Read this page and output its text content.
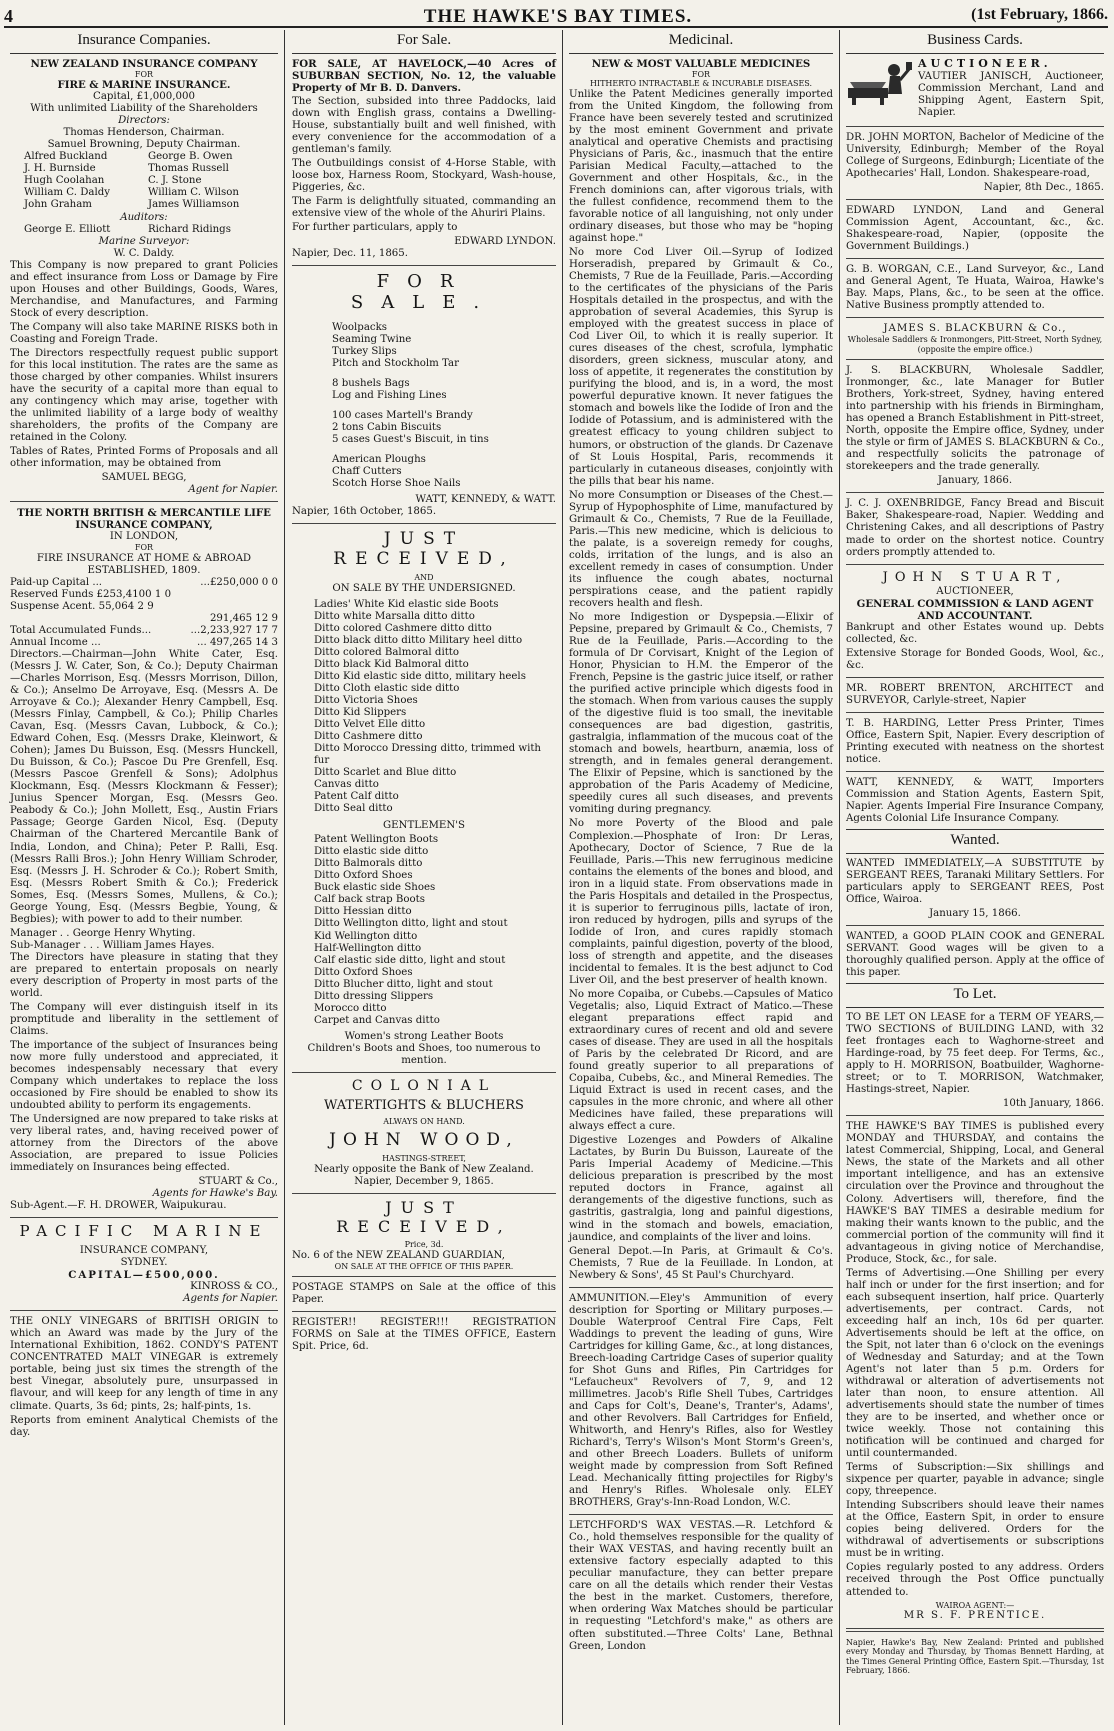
4	THE HAWKE'S BAY TIMES.	(1st February, 1866.
Insurance Companies.
NEW ZEALAND INSURANCE COMPANY
FOR
FIRE & MARINE INSURANCE.
Capital, £1,000,000
With unlimited Liability of the Shareholders
Directors:
Thomas Henderson, Chairman.
Samuel Browning, Deputy Chairman.
Alfred Buckland	George B. Owen
J. H. Burnside	Thomas Russell
Hugh Coolahan	C. J. Stone
William C. Daldy	William C. Wilson
John Graham	James Williamson
Auditors:
George E. Elliott	Richard Ridings
Marine Surveyor:
W. C. Daldy.

This Company is now prepared to grant Policies and effect insurance from Loss or Damage by Fire upon Houses and other Buildings, Goods, Wares, Merchandise, and Manufactures, and Farming Stock of every description.

The Company will also take MARINE RISKS both in Coasting and Foreign Trade.

The Directors respectfully request public support for this local institution. The rates are the same as those charged by other companies. Whilst insurers have the security of a capital more than equal to any contingency which may arise, together with the unlimited liability of a large body of wealthy shareholders, the profits of the Company are retained in the Colony.

Tables of Rates, Printed Forms of Proposals and all other information, may be obtained from

SAMUEL BEGG,
Agent for Napier.
THE NORTH BRITISH & MERCANTILE LIFE INSURANCE COMPANY,
IN LONDON,
FOR
FIRE INSURANCE AT HOME & ABROAD
ESTABLISHED, 1809.
Paid-up Capital ...	...£250,000 0 0
Reserved Funds £253,4100 1 0
Suspense Acent. 55,064 2 9
291,465 12 9
Total Accumulated Funds...	...2,233,927 17 7
Annual Income ...	... 497,265 14 3

Directors.—Chairman—John White Cater, Esq. (Messrs J. W. Cater, Son, & Co.); Deputy Chairman—Charles Morrison, Esq. (Messrs Morrison, Dillon, & Co.); Anselmo De Arroyave, Esq. (Messrs A. De Arroyave & Co.); Alexander Henry Campbell, Esq. (Messrs Finlay, Campbell, & Co.); Philip Charles Cavan, Esq. (Messrs Cavan, Lubbock, & Co.); Edward Cohen, Esq. (Messrs Drake, Kleinwort, & Cohen); James Du Buisson, Esq. (Messrs Hunckell, Du Buisson, & Co.); Pascoe Du Pre Grenfell, Esq. (Messrs Pascoe Grenfell & Sons); Adolphus Klockmann, Esq. (Messrs Klockmann & Fesser); Junius Spencer Morgan, Esq. (Messrs Geo. Peabody & Co.); John Mollett, Esq., Austin Friars Passage; George Garden Nicol, Esq. (Deputy Chairman of the Chartered Mercantile Bank of India, London, and China); Peter P. Ralli, Esq. (Messrs Ralli Bros.); John Henry William Schroder, Esq. (Messrs J. H. Schroder & Co.); Robert Smith, Esq. (Messrs Robert Smith & Co.); Frederick Somes, Esq. (Messrs Somes, Mullens, & Co.); George Young, Esq. (Messrs Begbie, Young, & Begbies); with power to add to their number.

Manager . . George Henry Whyting.
Sub-Manager . . . William James Hayes.

The Directors have pleasure in stating that they are prepared to entertain proposals on nearly every description of Property in most parts of the world.

The Company will ever distinguish itself in its promptitude and liberality in the settlement of Claims.

The importance of the subject of Insurances being now more fully understood and appreciated, it becomes indespensably necessary that every Company which undertakes to replace the loss occasioned by Fire should be enabled to show its undoubted ability to perform its engagements.

The Undersigned are now prepared to take risks at very liberal rates, and, having received power of attorney from the Directors of the above Association, are prepared to issue Policies immediately on Insurances being effected.

STUART & Co.,
Agents for Hawke's Bay.
Sub-Agent.—F. H. DROWER, Waipukurau.
PACIFIC MARINE
INSURANCE COMPANY,
SYDNEY.
CAPITAL—£500,000.
KINROSS & CO.,
Agents for Napier.

THE ONLY VINEGARS of BRITISH ORIGIN to which an Award was made by the Jury of the International Exhibition, 1862. CONDY'S PATENT CONCENTRATED MALT VINEGAR is extremely portable, being just six times the strength of the best Vinegar, absolutely pure, unsurpassed in flavour, and will keep for any length of time in any climate. Quarts, 3s 6d; pints, 2s; half-pints, 1s.

Reports from eminent Analytical Chemists of the day.

For Sale.

FOR SALE, AT HAVELOCK,—40 Acres of SUBURBAN SECTION, No. 12, the valuable Property of Mr B. D. Danvers.

The Section, subsided into three Paddocks, laid down with English grass, contains a Dwelling-House, substantially built and well finished, with every convenience for the accommodation of a gentleman's family.

The Outbuildings consist of 4-Horse Stable, with loose box, Harness Room, Stockyard, Wash-house, Piggeries, &c.

The Farm is delightfully situated, commanding an extensive view of the whole of the Ahuriri Plains.

For further particulars, apply to

EDWARD LYNDON.
Napier, Dec. 11, 1865.
FOR SALE.
Woolpacks
Seaming Twine
Turkey Slips
Pitch and Stockholm Tar
8 bushels Bags
Log and Fishing Lines
100 cases Martell's Brandy
2 tons Cabin Biscuits
5 cases Guest's Biscuit, in tins
American Ploughs
Chaff Cutters
Scotch Horse Shoe Nails
WATT, KENNEDY, & WATT.
Napier, 16th October, 1865.
JUST RECEIVED,
AND
ON SALE BY THE UNDERSIGNED.
Ladies' White Kid elastic side Boots
Ditto white Marsalla ditto ditto
Ditto colored Cashmere ditto ditto
Ditto black ditto ditto Military heel ditto
Ditto colored Balmoral ditto
Ditto black Kid Balmoral ditto
Ditto Kid elastic side ditto, military heels
Ditto Cloth elastic side ditto
Ditto Victoria Shoes
Ditto Kid Slippers
Ditto Velvet Elle ditto
Ditto Cashmere ditto
Ditto Morocco Dressing ditto, trimmed with fur
Ditto Scarlet and Blue ditto
Canvas ditto
Patent Calf ditto
Ditto Seal ditto
GENTLEMEN'S
Patent Wellington Boots
Ditto elastic side ditto
Ditto Balmorals ditto
Ditto Oxford Shoes
Buck elastic side Shoes
Calf back strap Boots
Ditto Hessian ditto
Ditto Wellington ditto, light and stout
Kid Wellington ditto
Half-Wellington ditto
Calf elastic side ditto, light and stout
Ditto Oxford Shoes
Ditto Blucher ditto, light and stout
Ditto dressing Slippers
Morocco ditto
Carpet and Canvas ditto
Women's strong Leather Boots
Children's Boots and Shoes, too numerous to mention.
COLONIAL
WATERTIGHTS & BLUCHERS
ALWAYS ON HAND.
JOHN WOOD,
HASTINGS-STREET,
Nearly opposite the Bank of New Zealand.
Napier, December 9, 1865.
JUST RECEIVED,
Price, 3d.
No. 6 of the NEW ZEALAND GUARDIAN,
ON SALE AT THE OFFICE OF THIS PAPER.

POSTAGE STAMPS on Sale at the office of this Paper.

REGISTER!! REGISTER!!! REGISTRATION FORMS on Sale at the TIMES OFFICE, Eastern Spit. Price, 6d.

Medicinal.
NEW & MOST VALUABLE MEDICINES
FOR
HITHERTO INTRACTABLE & INCURABLE DISEASES.

Unlike the Patent Medicines generally imported from the United Kingdom, the following from France have been severely tested and scrutinized by the most eminent Government and private analytical and operative Chemists and practising Physicians of Paris, &c., inasmuch that the entire Parisian Medical Faculty,—attached to the Government and other Hospitals, &c., in the French dominions can, after vigorous trials, with the fullest confidence, recommend them to the favorable notice of all languishing, not only under ordinary diseases, but those who may be "hoping against hope."

No more Cod Liver Oil.—Syrup of Iodized Horseradish, prepared by Grimault & Co., Chemists, 7 Rue de la Feuillade, Paris.—According to the certificates of the physicians of the Paris Hospitals detailed in the prospectus, and with the approbation of several Academies, this Syrup is employed with the greatest success in place of Cod Liver Oil, to which it is really superior. It cures diseases of the chest, scrofula, lymphatic disorders, green sickness, muscular atony, and loss of appetite, it regenerates the constitution by purifying the blood, and is, in a word, the most powerful depurative known. It never fatigues the stomach and bowels like the Iodide of Iron and the Iodide of Potassium, and is administered with the greatest efficacy to young children subject to humors, or obstruction of the glands. Dr Cazenave of St Louis Hospital, Paris, recommends it particularly in cutaneous diseases, conjointly with the pills that bear his name.

No more Consumption or Diseases of the Chest.—Syrup of Hypophosphite of Lime, manufactured by Grimault & Co., Chemists, 7 Rue de la Feuillade, Paris.—This new medicine, which is delicious to the palate, is a sovereign remedy for coughs, colds, irritation of the lungs, and is also an excellent remedy in cases of consumption. Under its influence the cough abates, nocturnal perspirations cease, and the patient rapidly recovers health and flesh.

No more Indigestion or Dyspepsia.—Elixir of Pepsine, prepared by Grimault & Co., Chemists, 7 Rue de la Feuillade, Paris.—According to the formula of Dr Corvisart, Knight of the Legion of Honor, Physician to H.M. the Emperor of the French, Pepsine is the gastric juice itself, or rather the purified active principle which digests food in the stomach. When from various causes the supply of the digestive fluid is too small, the inevitable consequences are bad digestion, gastritis, gastralgia, inflammation of the mucous coat of the stomach and bowels, heartburn, anæmia, loss of strength, and in females general derangement. The Elixir of Pepsine, which is sanctioned by the approbation of the Paris Academy of Medicine, speedily cures all such diseases, and prevents vomiting during pregnancy.

No more Poverty of the Blood and pale Complexion.—Phosphate of Iron: Dr Leras, Apothecary, Doctor of Science, 7 Rue de la Feuillade, Paris.—This new ferruginous medicine contains the elements of the bones and blood, and iron in a liquid state. From observations made in the Paris Hospitals and detailed in the Prospectus, it is superior to ferruginous pills, lactate of iron, iron reduced by hydrogen, pills and syrups of the Iodide of Iron, and cures rapidly stomach complaints, painful digestion, poverty of the blood, loss of strength and appetite, and the diseases incidental to females. It is the best adjunct to Cod Liver Oil, and the best preserver of health known.

No more Copaiba, or Cubebs.—Capsules of Matico Vegetalis; also, Liquid Extract of Matico.—These elegant preparations effect rapid and extraordinary cures of recent and old and severe cases of disease. They are used in all the hospitals of Paris by the celebrated Dr Ricord, and are found greatly superior to all preparations of Copaiba, Cubebs, &c., and Mineral Remedies. The Liquid Extract is used in recent cases, and the capsules in the more chronic, and where all other Medicines have failed, these preparations will always effect a cure.

Digestive Lozenges and Powders of Alkaline Lactates, by Burin Du Buisson, Laureate of the Paris Imperial Academy of Medicine.—This delicious preparation is prescribed by the most reputed doctors in France, against all derangements of the digestive functions, such as gastritis, gastralgia, long and painful digestions, wind in the stomach and bowels, emaciation, jaundice, and complaints of the liver and loins.

General Depot.—In Paris, at Grimault & Co's. Chemists, 7 Rue de la Feuillade. In London, at Newbery & Sons', 45 St Paul's Churchyard.

AMMUNITION.—Eley's Ammunition of every description for Sporting or Military purposes.—Double Waterproof Central Fire Caps, Felt Waddings to prevent the leading of guns, Wire Cartridges for killing Game, &c., at long distances, Breech-loading Cartridge Cases of superior quality for Shot Guns and Rifles, Pin Cartridges for "Lefaucheux" Revolvers of 7, 9, and 12 millimetres. Jacob's Rifle Shell Tubes, Cartridges and Caps for Colt's, Deane's, Tranter's, Adams', and other Revolvers. Ball Cartridges for Enfield, Whitworth, and Henry's Rifles, also for Westley Richard's, Terry's Wilson's Mont Storm's Green's, and other Breech Loaders. Bullets of uniform weight made by compression from Soft Refined Lead. Mechanically fitting projectiles for Rigby's and Henry's Rifles. Wholesale only. ELEY BROTHERS, Gray's-Inn-Road London, W.C.

LETCHFORD'S WAX VESTAS.—R. Letchford & Co., hold themselves responsible for the quality of their WAX VESTAS, and having recently built an extensive factory especially adapted to this peculiar manufacture, they can better prepare care on all the details which render their Vestas the best in the market. Customers, therefore, when ordering Wax Matches should be particular in requesting "Letchford's make," as others are often substituted.—Three Colts' Lane, Bethnal Green, London

Business Cards.
AUCTIONEER.

VAUTIER JANISCH, Auctioneer, Commission Merchant, Land and Shipping Agent, Eastern Spit, Napier.

DR. JOHN MORTON, Bachelor of Medicine of the University, Edinburgh; Member of the Royal College of Surgeons, Edinburgh; Licentiate of the Apothecaries' Hall, London. Shakespeare-road,

Napier, 8th Dec., 1865.

EDWARD LYNDON, Land and General Commission Agent, Accountant, &c., &c. Shakespeare-road, Napier, (opposite the Government Buildings.)

G. B. WORGAN, C.E., Land Surveyor, &c., Land and General Agent, Te Huata, Wairoa, Hawke's Bay. Maps, Plans, &c., to be seen at the office. Native Business promptly attended to.

JAMES S. BLACKBURN & Co.,
Wholesale Saddlers & Ironmongers, Pitt-Street, North Sydney, (opposite the empire office.)

J. S. BLACKBURN, Wholesale Saddler, Ironmonger, &c., late Manager for Butler Brothers, York-street, Sydney, having entered into partnership with his friends in Birmingham, has opened a Branch Establishment in Pitt-street, North, opposite the Empire office, Sydney, under the style or firm of JAMES S. BLACKBURN & Co., and respectfully solicits the patronage of storekeepers and the trade generally.

January, 1866.

J. C. J. OXENBRIDGE, Fancy Bread and Biscuit Baker, Shakespeare-road, Napier. Wedding and Christening Cakes, and all descriptions of Pastry made to order on the shortest notice. Country orders promptly attended to.

JOHN STUART,
AUCTIONEER,
GENERAL COMMISSION & LAND AGENT AND ACCOUNTANT.

Bankrupt and other Estates wound up. Debts collected, &c.

Extensive Storage for Bonded Goods, Wool, &c., &c.

MR. ROBERT BRENTON, ARCHITECT and SURVEYOR, Carlyle-street, Napier

T. B. HARDING, Letter Press Printer, Times Office, Eastern Spit, Napier. Every description of Printing executed with neatness on the shortest notice.

WATT, KENNEDY, & WATT, Importers Commission and Station Agents, Eastern Spit, Napier. Agents Imperial Fire Insurance Company, Agents Colonial Life Insurance Company.

Wanted.

WANTED IMMEDIATELY,—A SUBSTITUTE by SERGEANT REES, Taranaki Military Settlers. For particulars apply to SERGEANT REES, Post Office, Wairoa.

January 15, 1866.

WANTED, a GOOD PLAIN COOK and GENERAL SERVANT. Good wages will be given to a thoroughly qualified person. Apply at the office of this paper.

To Let.

TO BE LET ON LEASE for a TERM OF YEARS,—TWO SECTIONS of BUILDING LAND, with 32 feet frontages each to Waghorne-street and Hardinge-road, by 75 feet deep. For Terms, &c., apply to H. MORRISON, Boatbuilder, Waghorne-street; or to T. MORRISON, Watchmaker, Hastings-street, Napier.

10th January, 1866.

THE HAWKE'S BAY TIMES is published every MONDAY and THURSDAY, and contains the latest Commercial, Shipping, Local, and General News, the state of the Markets and all other important intelligence, and has an extensive circulation over the Province and throughout the Colony. Advertisers will, therefore, find the HAWKE'S BAY TIMES a desirable medium for making their wants known to the public, and the commercial portion of the community will find it advantageous in giving notice of Merchandise, Produce, Stock, &c., for sale.

Terms of Advertising.—One Shilling per every half inch or under for the first insertion; and for each subsequent insertion, half price. Quarterly advertisements, per contract. Cards, not exceeding half an inch, 10s 6d per quarter. Advertisements should be left at the office, on the Spit, not later than 6 o'clock on the evenings of Wednesday and Saturday; and at the Town Agent's not later than 5 p.m. Orders for withdrawal or alteration of advertisements not later than noon, to ensure attention. All advertisements should state the number of times they are to be inserted, and whether once or twice weekly. Those not containing this notification will be continued and charged for until countermanded.

Terms of Subscription:—Six shillings and sixpence per quarter, payable in advance; single copy, threepence.

Intending Subscribers should leave their names at the Office, Eastern Spit, in order to ensure copies being delivered. Orders for the withdrawal of advertisements or subscriptions must be in writing.

Copies regularly posted to any address. Orders received through the Post Office punctually attended to.

WAIROA AGENT:—
MR S. F. PRENTICE.

Napier, Hawke's Bay, New Zealand: Printed and published every Monday and Thursday, by Thomas Bennett Harding, at the Times General Printing Office, Eastern Spit.—Thursday, 1st February, 1866.
